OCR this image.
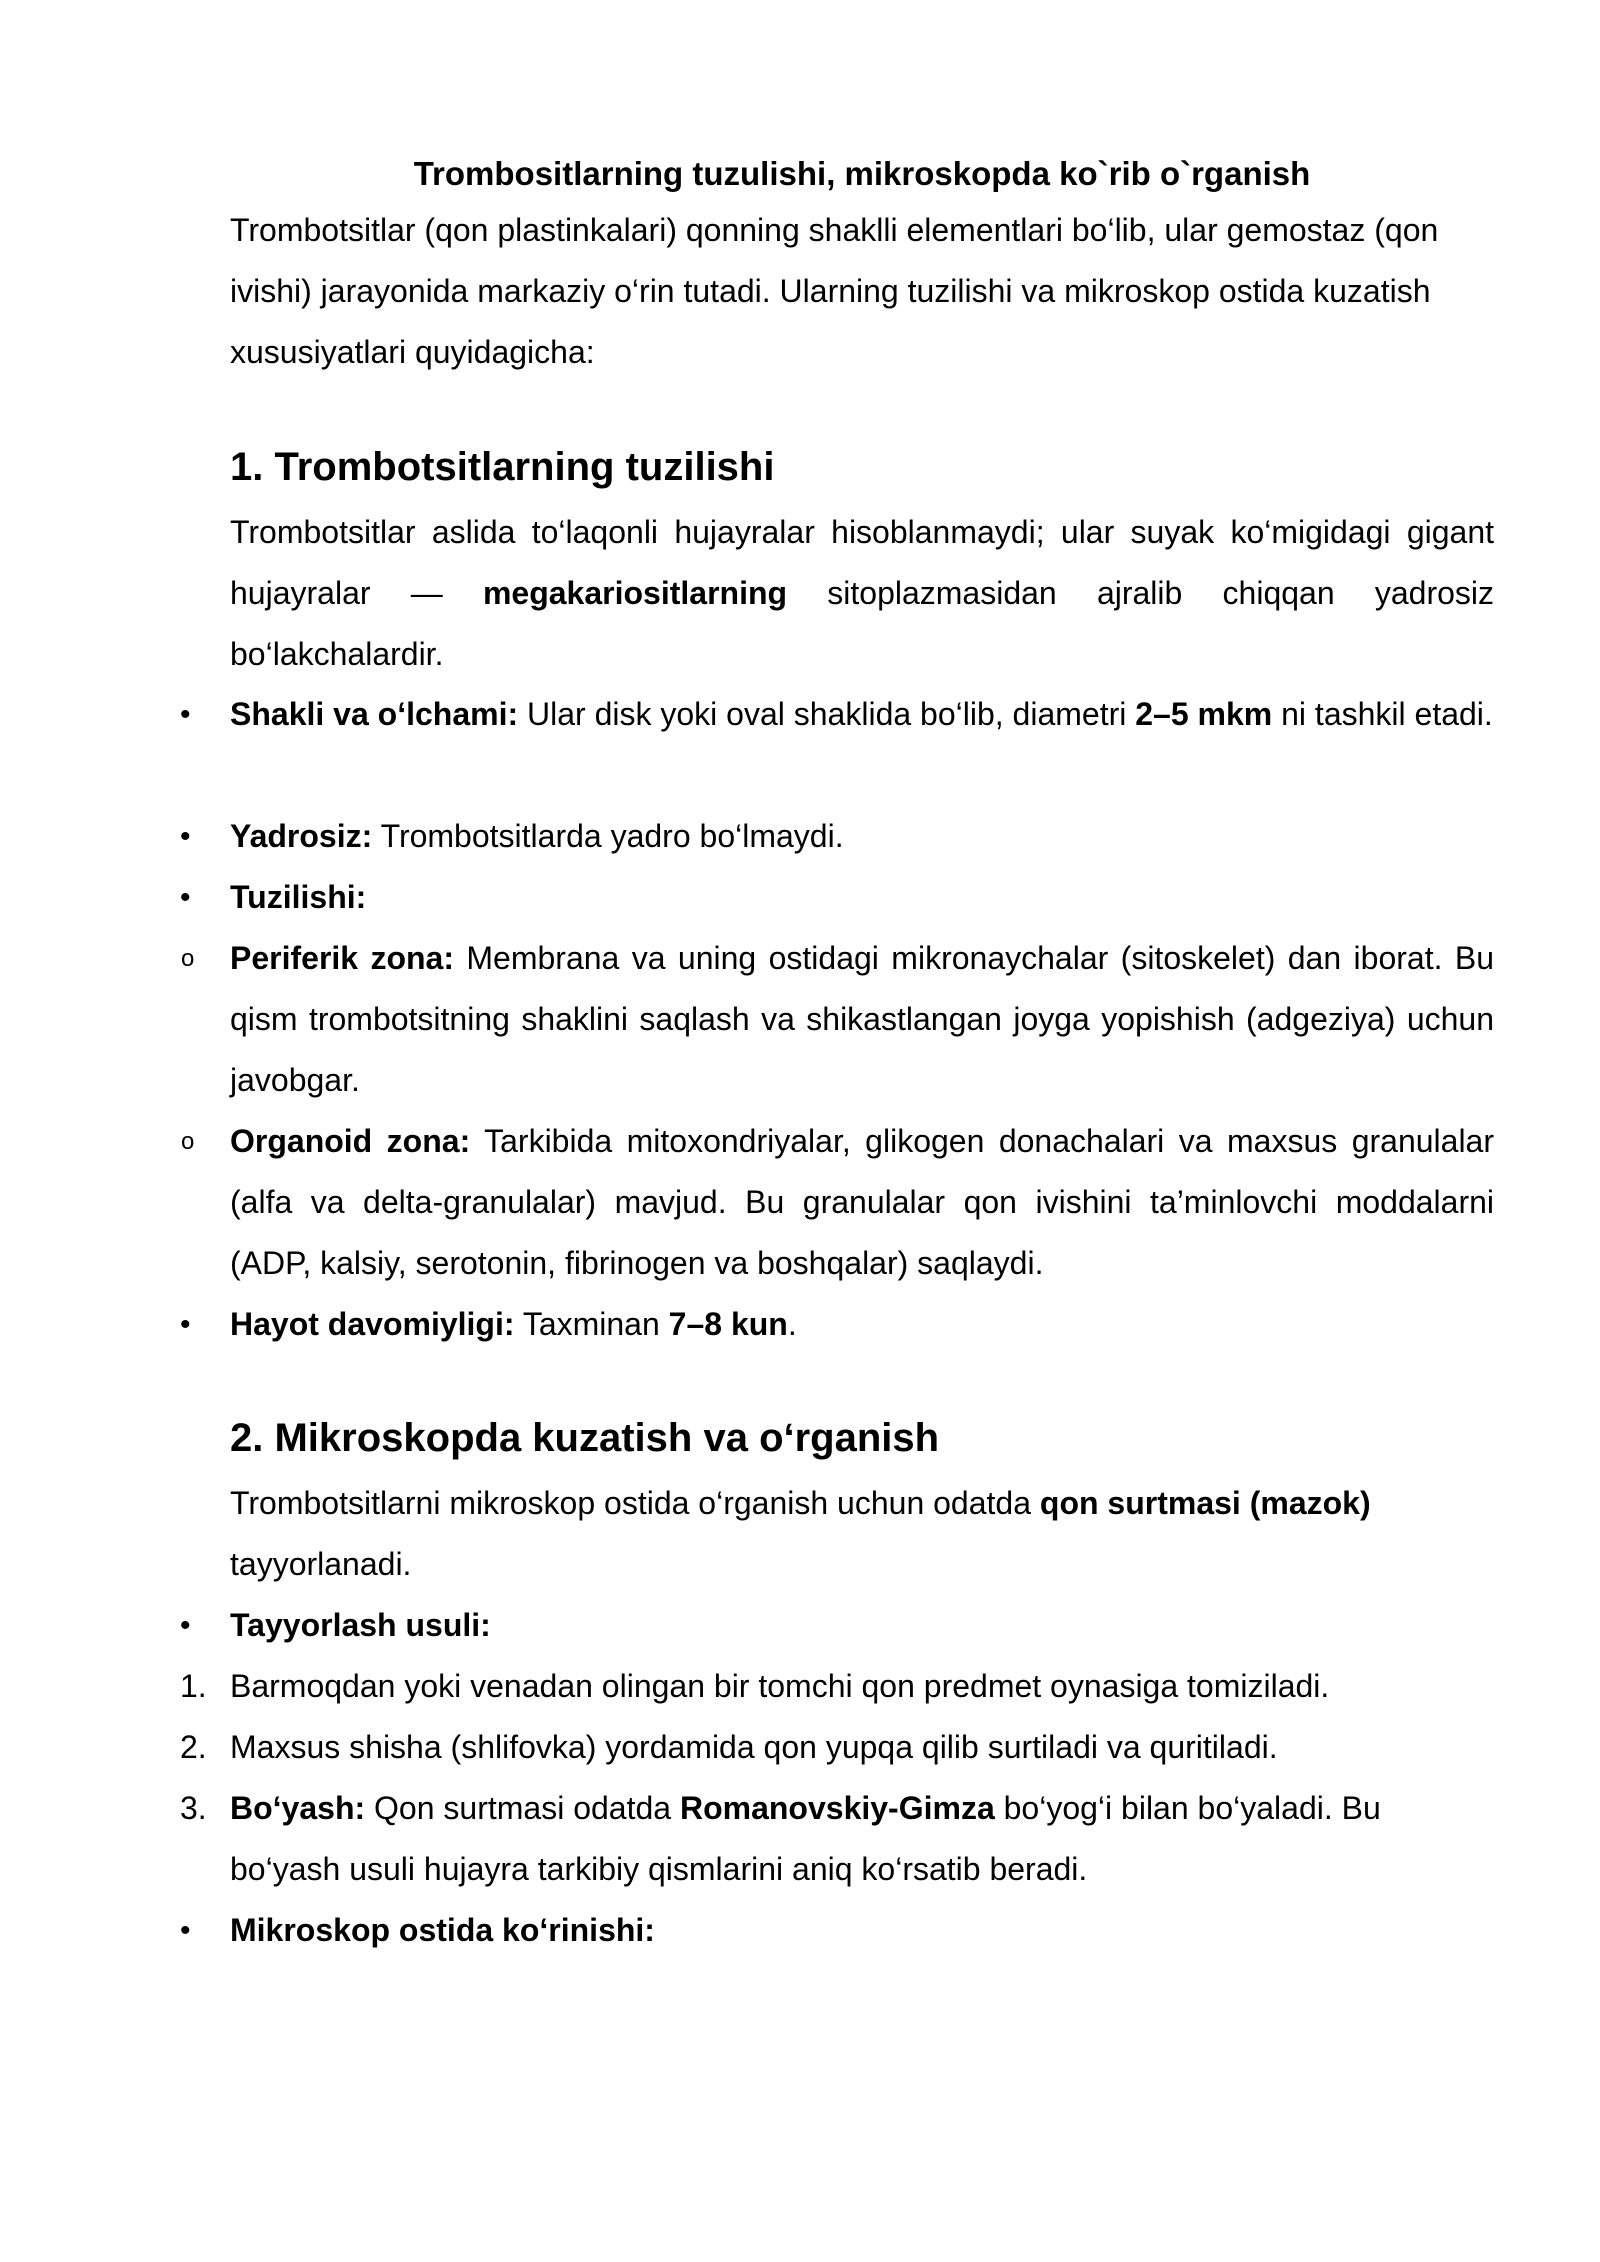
Trombositlarning tuzulishi, mikroskopda ko`rib o`rganish
Trombotsitlar (qon plastinkalari) qonning shaklli elementlari bo‘lib, ular gemostaz (qon ivishi) jarayonida markaziy o‘rin tutadi. Ularning tuzilishi va mikroskop ostida kuzatish xususiyatlari quyidagicha:
1. Trombotsitlarning tuzilishi
Trombotsitlar aslida to‘laqonli hujayralar hisoblanmaydi; ular suyak ko‘migidagi gigant hujayralar — megakariositlarning sitoplazmasidan ajralib chiqqan yadrosiz bo‘lakchalardir.
• Shakli va o‘lchami: Ular disk yoki oval shaklida bo‘lib, diametri 2–5 mkm ni tashkil etadi.
• Yadrosiz: Trombotsitlarda yadro bo‘lmaydi.
• Tuzilishi:
o Periferik zona: Membrana va uning ostidagi mikronaychalar (sitoskelet) dan iborat. Bu qism trombotsitning shaklini saqlash va shikastlangan joyga yopishish (adgeziya) uchun javobgar.
o Organoid zona: Tarkibida mitoxondriyalar, glikogen donachalari va maxsus granulalar (alfa va delta-granulalar) mavjud. Bu granulalar qon ivishini ta’minlovchi moddalarni (ADP, kalsiy, serotonin, fibrinogen va boshqalar) saqlaydi.
• Hayot davomiyligi: Taxminan 7–8 kun.
2. Mikroskopda kuzatish va o‘rganish
Trombotsitlarni mikroskop ostida o‘rganish uchun odatda qon surtmasi (mazok) tayyorlanadi.
• Tayyorlash usuli:
1. Barmoqdan yoki venadan olingan bir tomchi qon predmet oynasiga tomiziladi.
2. Maxsus shisha (shlifovka) yordamida qon yupqa qilib surtiladi va quritiladi.
3. Bo‘yash: Qon surtmasi odatda Romanovskiy-Gimza bo‘yog‘i bilan bo‘yaladi. Bu bo‘yash usuli hujayra tarkibiy qismlarini aniq ko‘rsatib beradi.
• Mikroskop ostida ko‘rinishi:
